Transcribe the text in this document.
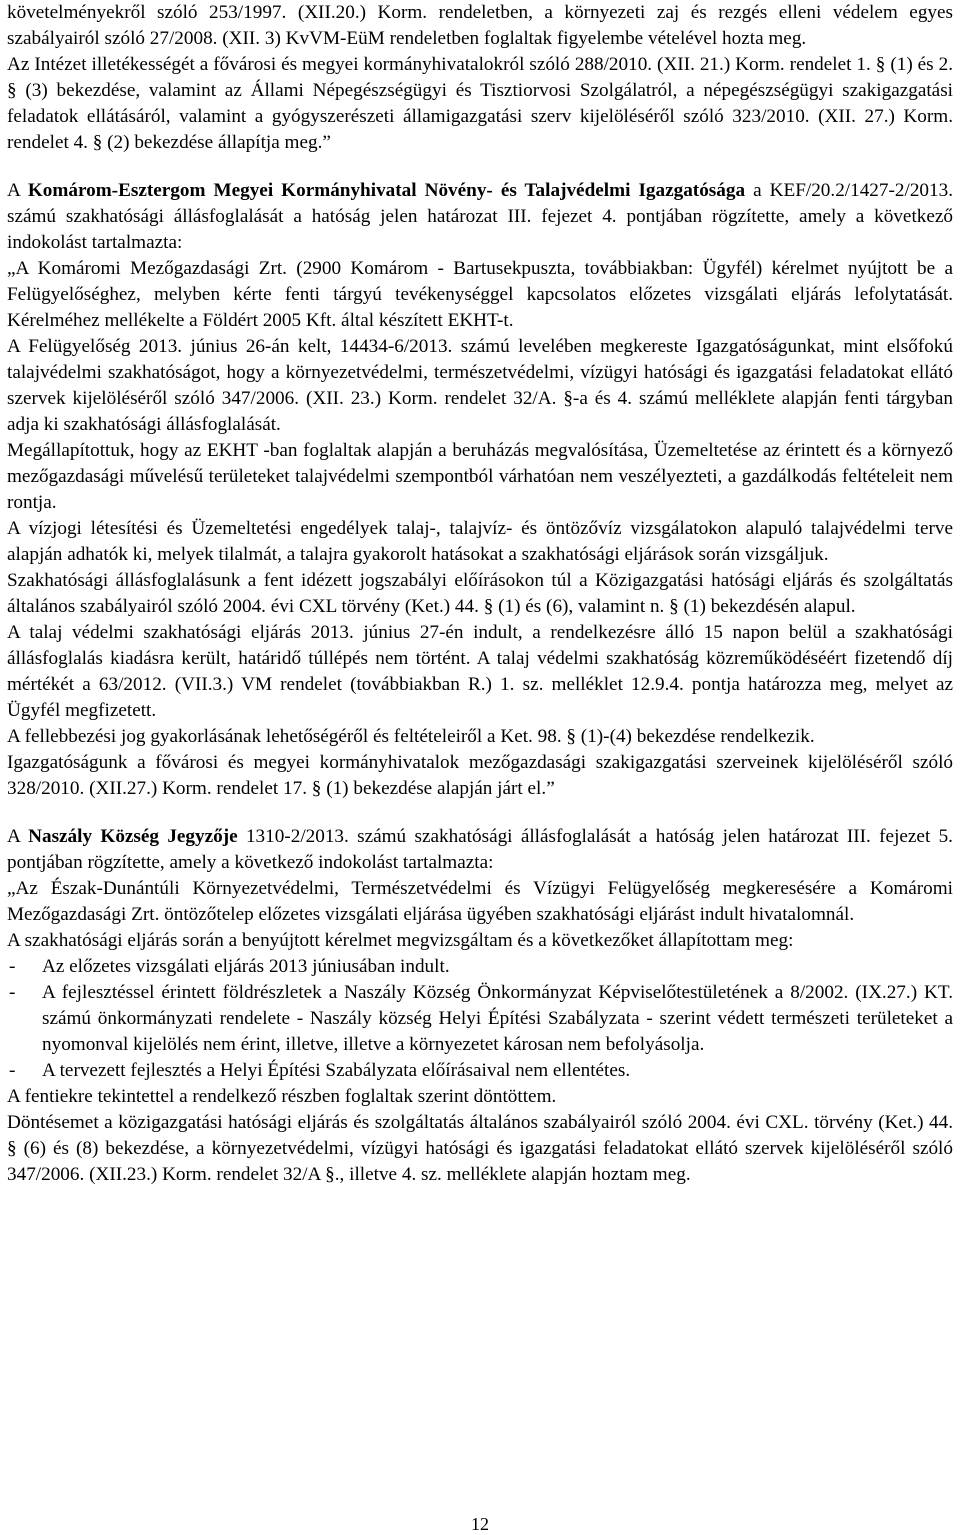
követelményekről szóló 253/1997. (XII.20.) Korm. rendeletben, a környezeti zaj és rezgés elleni védelem egyes szabályairól szóló 27/2008. (XII. 3) KvVM-EüM rendeletben foglaltak figyelembe vételével hozta meg.

Az Intézet illetékességét a fővárosi és megyei kormányhivatalokról szóló 288/2010. (XII. 21.) Korm. rendelet 1. § (1) és 2. § (3) bekezdése, valamint az Állami Népegészségügyi és Tisztiorvosi Szolgálatról, a népegészségügyi szakigazgatási feladatok ellátásáról, valamint a gyógyszerészeti államigazgatási szerv kijelöléséről szóló 323/2010. (XII. 27.) Korm. rendelet 4. § (2) bekezdése állapítja meg.”

A Komárom-Esztergom Megyei Kormányhivatal Növény- és Talajvédelmi Igazgatósága a KEF/20.2/1427-2/2013. számú szakhatósági állásfoglalását a hatóság jelen határozat III. fejezet 4. pontjában rögzítette, amely a következő indokolást tartalmazta:

„A Komáromi Mezőgazdasági Zrt. (2900 Komárom - Bartusekpuszta, továbbiakban: Ügyfél) kérelmet nyújtott be a Felügyelőséghez, melyben kérte fenti tárgyú tevékenységgel kapcsolatos előzetes vizsgálati eljárás lefolytatását. Kérelméhez mellékelte a Földért 2005 Kft. által készített EKHT-t.

A Felügyelőség 2013. június 26-án kelt, 14434-6/2013. számú levelében megkereste Igazgatóságunkat, mint elsőfokú talajvédelmi szakhatóságot, hogy a környezetvédelmi, természetvédelmi, vízügyi hatósági és igazgatási feladatokat ellátó szervek kijelöléséről szóló 347/2006. (XII. 23.) Korm. rendelet 32/A. §-a és 4. számú melléklete alapján fenti tárgyban adja ki szakhatósági állásfoglalását.

Megállapítottuk, hogy az EKHT -ban foglaltak alapján a beruházás megvalósítása, Üzemeltetése az érintett és a környező mezőgazdasági művelésű területeket talajvédelmi szempontból várhatóan nem veszélyezteti, a gazdálkodás feltételeit nem rontja.

A vízjogi létesítési és Üzemeltetési engedélyek talaj-, talajvíz- és öntözővíz vizsgálatokon alapuló talajvédelmi terve alapján adhatók ki, melyek tilalmát, a talajra gyakorolt hatásokat a szakhatósági eljárások során vizsgáljuk.

Szakhatósági állásfoglalásunk a fent idézett jogszabályi előírásokon túl a Közigazgatási hatósági eljárás és szolgáltatás általános szabályairól szóló 2004. évi CXL törvény (Ket.) 44. § (1) és (6), valamint n. § (1) bekezdésén alapul.

A talaj védelmi szakhatósági eljárás 2013. június 27-én indult, a rendelkezésre álló 15 napon belül a szakhatósági állásfoglalás kiadásra került, határidő túllépés nem történt. A talaj védelmi szakhatóság közreműködéséért fizetendő díj mértékét a 63/2012. (VII.3.) VM rendelet (továbbiakban R.) 1. sz. melléklet 12.9.4. pontja határozza meg, melyet az Ügyfél megfizetett.

A fellebbezési jog gyakorlásának lehetőségéről és feltételeiről a Ket. 98. § (1)-(4) bekezdése rendelkezik.

Igazgatóságunk a fővárosi és megyei kormányhivatalok mezőgazdasági szakigazgatási szerveinek kijelöléséről szóló 328/2010. (XII.27.) Korm. rendelet 17. § (1) bekezdése alapján járt el.”

A Naszály Község Jegyzője 1310-2/2013. számú szakhatósági állásfoglalását a hatóság jelen határozat III. fejezet 5. pontjában rögzítette, amely a következő indokolást tartalmazta:

„Az Észak-Dunántúli Környezetvédelmi, Természetvédelmi és Vízügyi Felügyelőség megkeresésére a Komáromi Mezőgazdasági Zrt. öntözőtelep előzetes vizsgálati eljárása ügyében szakhatósági eljárást indult hivatalomnál.

A szakhatósági eljárás során a benyújtott kérelmet megvizsgáltam és a következőket állapítottam meg:

-	Az előzetes vizsgálati eljárás 2013 júniusában indult.
-	A fejlesztéssel érintett földrészletek a Naszály Község Önkormányzat Képviselőtestületének a 8/2002. (IX.27.) KT. számú önkormányzati rendelete - Naszály község Helyi Építési Szabályzata - szerint védett természeti területeket a nyomonval kijelölés nem érint, illetve, illetve a környezetet károsan nem befolyásolja.
-	A tervezett fejlesztés a Helyi Építési Szabályzata előírásaival nem ellentétes.

A fentiekre tekintettel a rendelkező részben foglaltak szerint döntöttem.

Döntésemet a közigazgatási hatósági eljárás és szolgáltatás általános szabályairól szóló 2004. évi CXL. törvény (Ket.) 44. § (6) és (8) bekezdése, a környezetvédelmi, vízügyi hatósági és igazgatási feladatokat ellátó szervek kijelöléséről szóló 347/2006. (XII.23.) Korm. rendelet 32/A §., illetve 4. sz. melléklete alapján hoztam meg.

12
